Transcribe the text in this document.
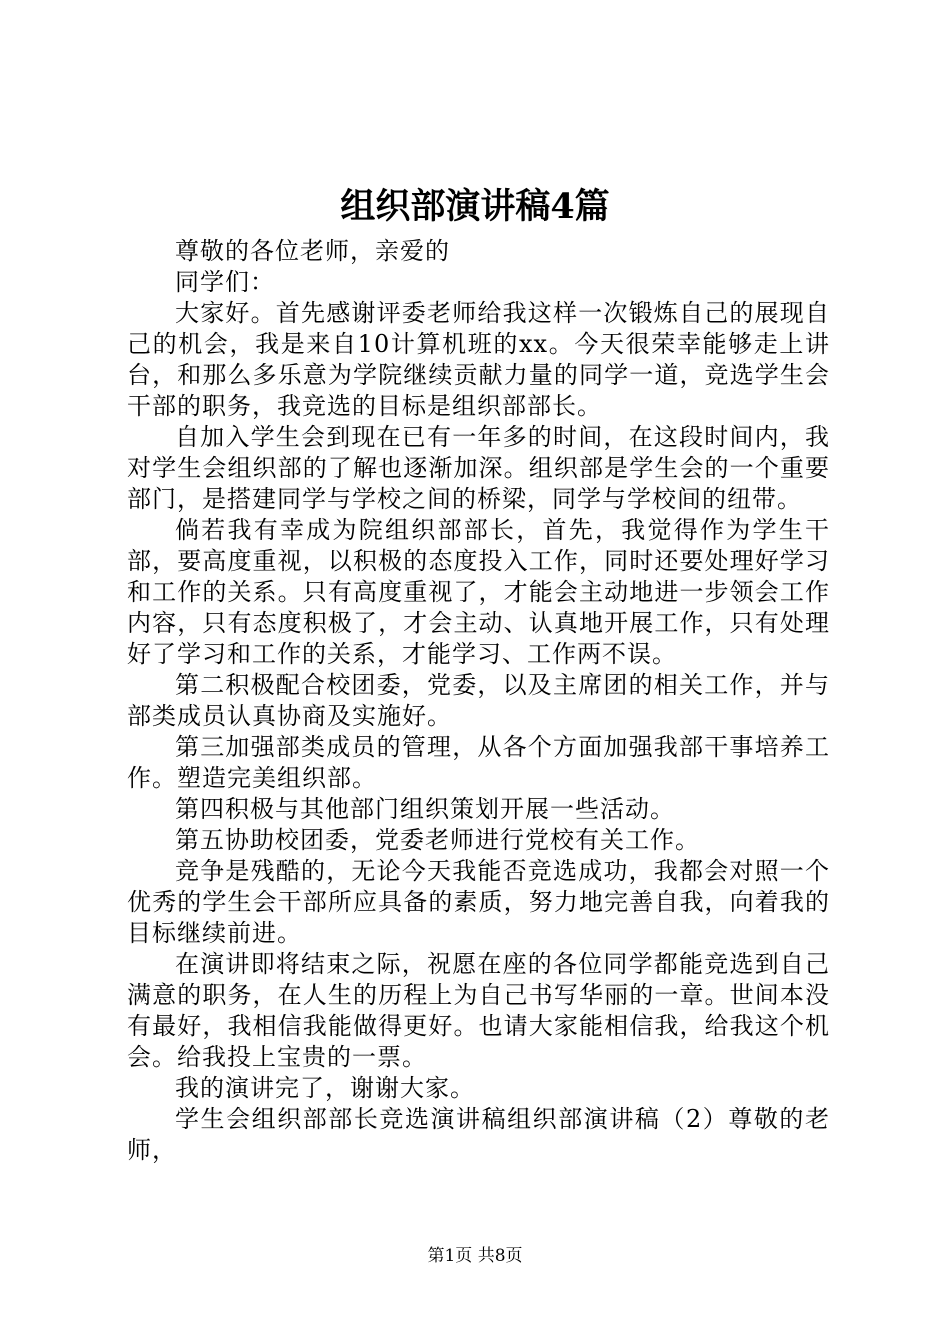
组织部演讲稿4篇

尊敬的各位老师，亲爱的

同学们：

大家好。首先感谢评委老师给我这样一次锻炼自己的展现自己的机会，我是来自10计算机班的xx。今天很荣幸能够走上讲台，和那么多乐意为学院继续贡献力量的同学一道，竞选学生会干部的职务，我竞选的目标是组织部部长。

自加入学生会到现在已有一年多的时间，在这段时间内，我对学生会组织部的了解也逐渐加深。组织部是学生会的一个重要部门，是搭建同学与学校之间的桥梁，同学与学校间的纽带。

倘若我有幸成为院组织部部长，首先，我觉得作为学生干部，要高度重视，以积极的态度投入工作，同时还要处理好学习和工作的关系。只有高度重视了，才能会主动地进一步领会工作内容，只有态度积极了，才会主动、认真地开展工作，只有处理好了学习和工作的关系，才能学习、工作两不误。

第二积极配合校团委，党委，以及主席团的相关工作，并与部类成员认真协商及实施好。

第三加强部类成员的管理，从各个方面加强我部干事培养工作。塑造完美组织部。

第四积极与其他部门组织策划开展一些活动。

第五协助校团委，党委老师进行党校有关工作。

竞争是残酷的，无论今天我能否竞选成功，我都会对照一个优秀的学生会干部所应具备的素质，努力地完善自我，向着我的目标继续前进。

在演讲即将结束之际，祝愿在座的各位同学都能竞选到自己满意的职务，在人生的历程上为自己书写华丽的一章。世间本没有最好，我相信我能做得更好。也请大家能相信我，给我这个机会。给我投上宝贵的一票。

我的演讲完了，谢谢大家。

学生会组织部部长竞选演讲稿组织部演讲稿（2）尊敬的老师，

第1页 共8页
